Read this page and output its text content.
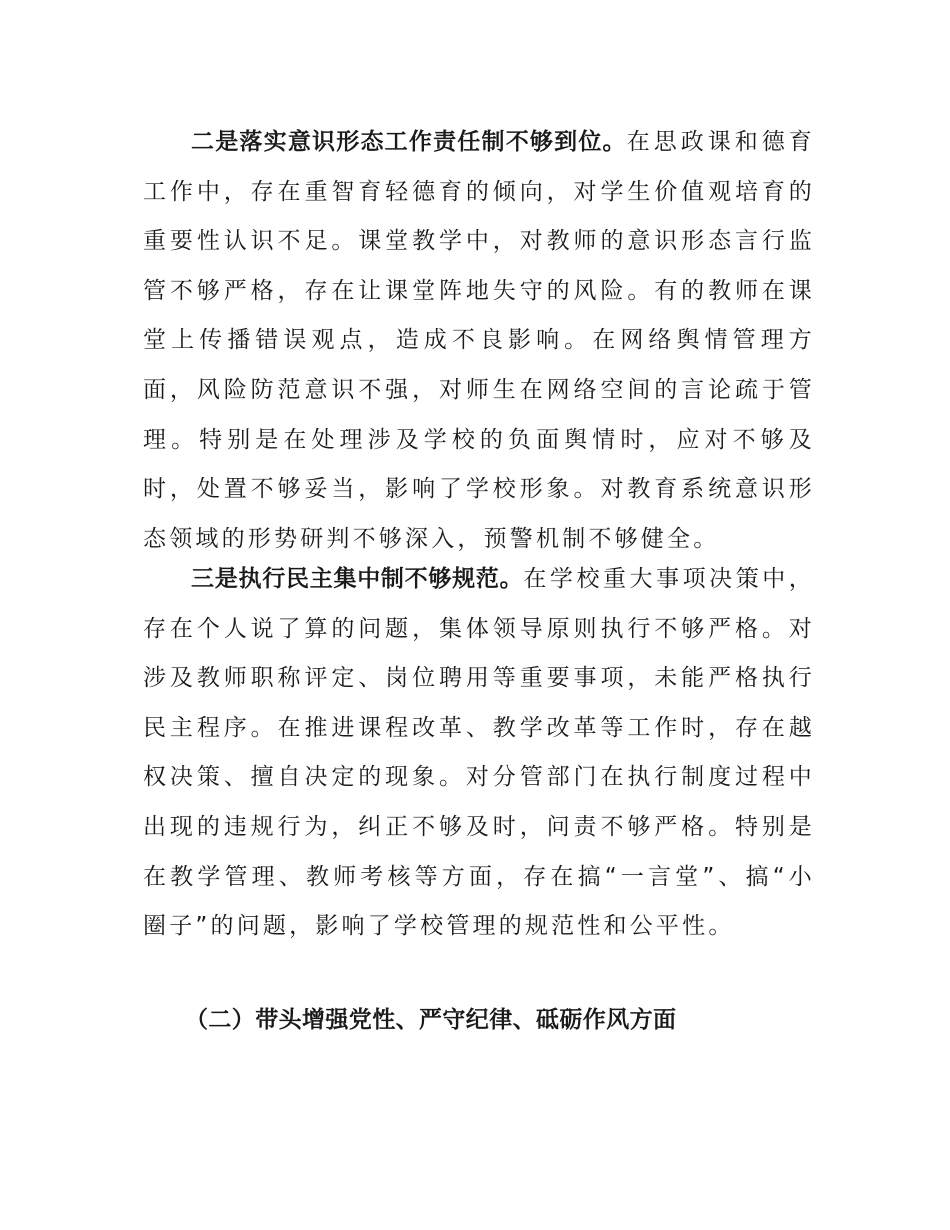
二是落实意识形态工作责任制不够到位。在思政课和德育工作中，存在重智育轻德育的倾向，对学生价值观培育的重要性认识不足。课堂教学中，对教师的意识形态言行监管不够严格，存在让课堂阵地失守的风险。有的教师在课堂上传播错误观点，造成不良影响。在网络舆情管理方面，风险防范意识不强，对师生在网络空间的言论疏于管理。特别是在处理涉及学校的负面舆情时，应对不够及时，处置不够妥当，影响了学校形象。对教育系统意识形态领域的形势研判不够深入，预警机制不够健全。

三是执行民主集中制不够规范。在学校重大事项决策中，存在个人说了算的问题，集体领导原则执行不够严格。对涉及教师职称评定、岗位聘用等重要事项，未能严格执行民主程序。在推进课程改革、教学改革等工作时，存在越权决策、擅自决定的现象。对分管部门在执行制度过程中出现的违规行为，纠正不够及时，问责不够严格。特别是在教学管理、教师考核等方面，存在搞“一言堂”、搞“小圈子”的问题，影响了学校管理的规范性和公平性。

（二）带头增强党性、严守纪律、砥砺作风方面
